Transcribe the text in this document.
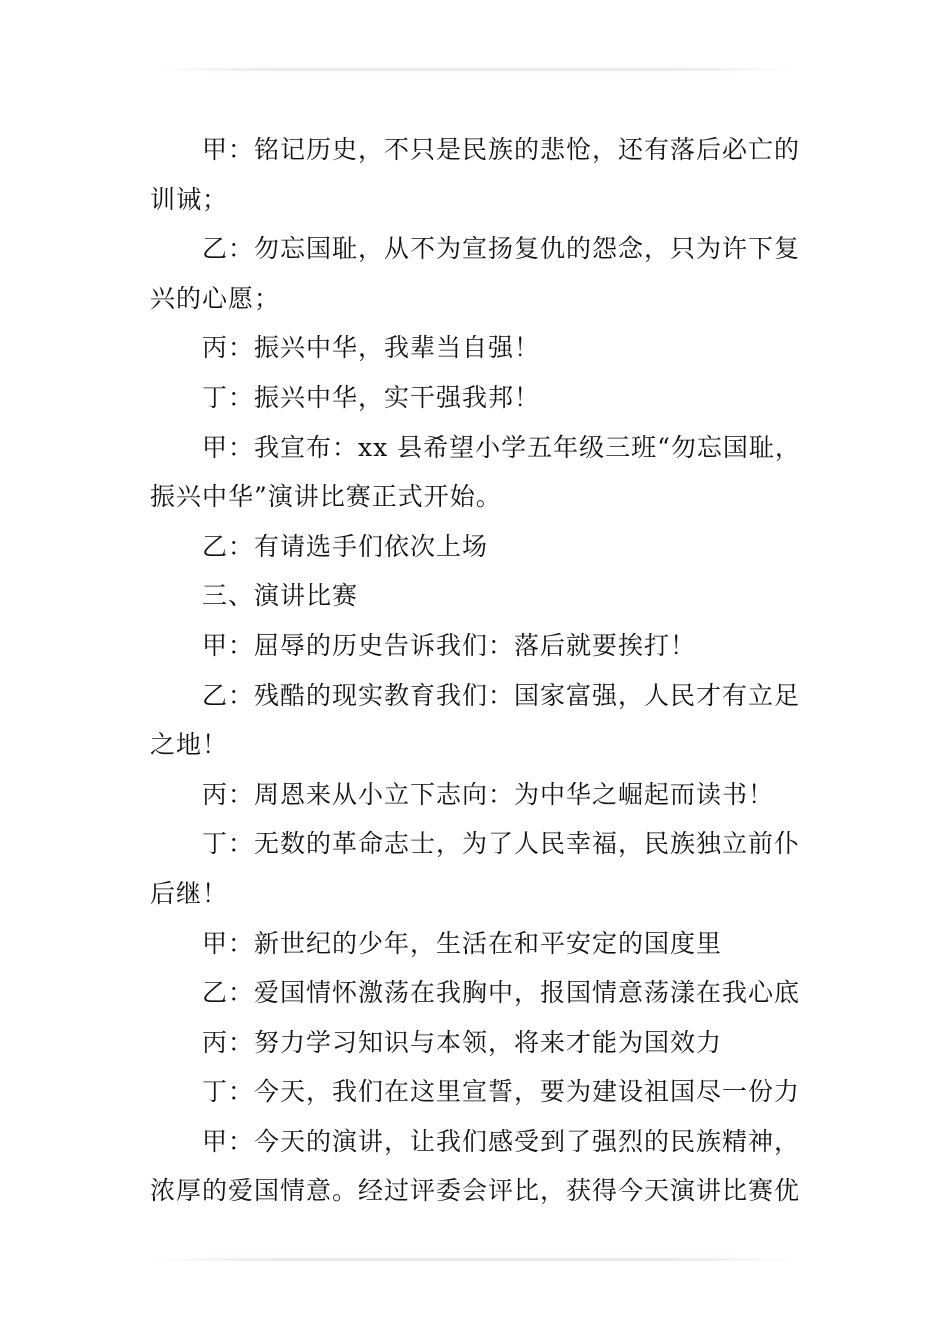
甲：铭记历史，不只是民族的悲怆，还有落后必亡的

训诫；

乙：勿忘国耻，从不为宣扬复仇的怨念，只为许下复

兴的心愿；

丙：振兴中华，我辈当自强！

丁：振兴中华，实干强我邦！

甲：我宣布：xx 县希望小学五年级三班“勿忘国耻，

振兴中华”演讲比赛正式开始。

乙：有请选手们依次上场

三、演讲比赛

甲：屈辱的历史告诉我们：落后就要挨打！

乙：残酷的现实教育我们：国家富强，人民才有立足

之地！

丙：周恩来从小立下志向：为中华之崛起而读书！

丁：无数的革命志士，为了人民幸福，民族独立前仆

后继！

甲：新世纪的少年，生活在和平安定的国度里

乙：爱国情怀激荡在我胸中，报国情意荡漾在我心底

丙：努力学习知识与本领，将来才能为国效力

丁：今天，我们在这里宣誓，要为建设祖国尽一份力

甲：今天的演讲，让我们感受到了强烈的民族精神，

浓厚的爱国情意。经过评委会评比，获得今天演讲比赛优
